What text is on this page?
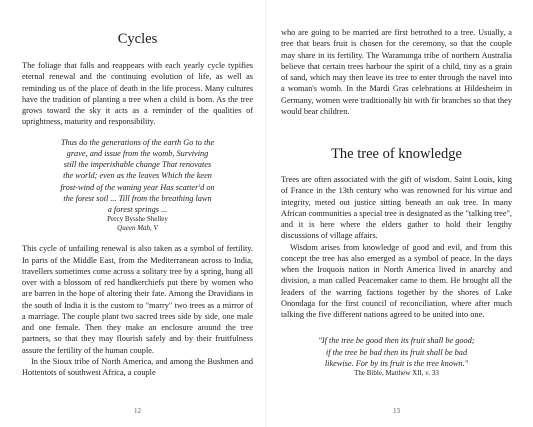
Cycles

The foliage that falls and reappears with each yearly cycle typifies eternal renewal and the continuing evolution of life, as well as reminding us of the place of death in the life process. Many cultures have the tradition of planting a tree when a child is born. As the tree grows toward the sky it acts as a reminder of the qualities of uprightness, maturity and responsibility.

Thus do the generations of the earth Go to the
grave, and issue from the womb, Surviving
still the imperishable change That renovates
the world; even as the leaves Which the keen
frost-wind of the waning year Has scatter'd on
the forest soil ... Till from the breathing lawn
a forest springs ...
Percy Bysshe Shelley
Queen Mab, V

This cycle of unfailing renewal is also taken as a symbol of fertility. In parts of the Middle East, from the Mediterranean across to India, travellers sometimes come across a solitary tree by a spring, hung all over with a blossom of red handkerchiefs put there by women who are barren in the hope of altering their fate. Among the Dravidians in the south of India it is the custom to "marry" two trees as a mirror of a marriage. The couple plant two sacred trees side by side, one male and one female. Then they make an enclosure around the tree partners, so that they may flourish safely and by their fruitfulness assure the fertility of the human couple.

In the Sioux tribe of North America, and among the Bushmen and Hottentots of southwest Africa, a couple

12

who are going to be married are first betrothed to a tree. Usually, a tree that bears fruit is chosen for the ceremony, so that the couple may share in its fertility. The Waramunga tribe of northern Australia believe that certain trees harbour the spirit of a child, tiny as a grain of sand, which may then leave its tree to enter through the navel into a woman's womb. In the Mardi Gras celebrations at Hildesheim in Germany, women were traditionally hit with fir branches so that they would bear children.

The tree of knowledge

Trees are often associated with the gift of wisdom. Saint Louis, king of France in the 13th century who was renowned for his virtue and integrity, meted out justice sitting beneath an oak tree. In many African communities a special tree is designated as the "talking tree", and it is here where the elders gather to hold their lengthy discussions of village affairs.

Wisdom arises from knowledge of good and evil, and from this concept the tree has also emerged as a symbol of peace. In the days when the Iroquois nation in North America lived in anarchy and division, a man called Peacemaker came to them. He brought all the leaders of the warring factions together by the shores of Lake Onondaga for the first council of reconciliation, where after much talking the five different nations agreed to be united into one.

"If the tree be good then its fruit shall be good;
if the tree be bad then its fruit shall be bad
likewise. For by its fruit is the tree known."
The Bible, Matthew XII, v. 33
13
